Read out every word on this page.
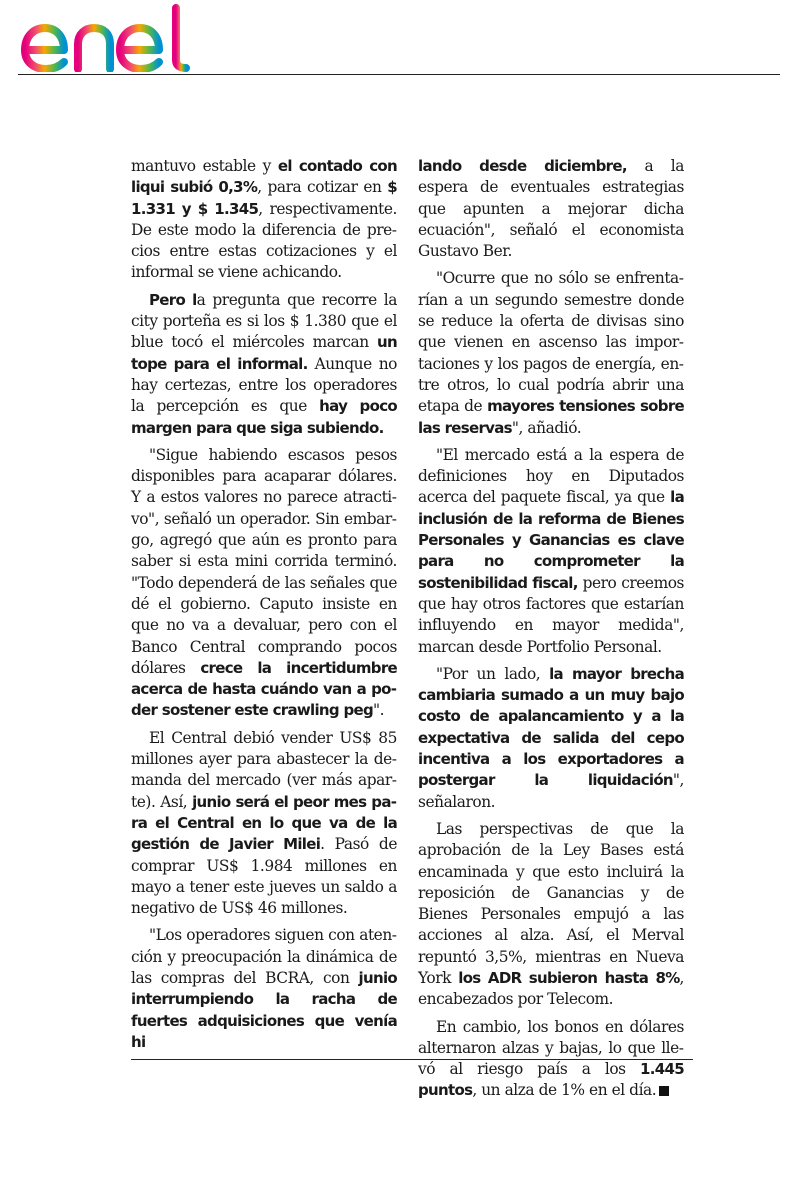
mantuvo estable y el contado con liqui subió 0,3%, para cotizar en $ 1.331 y $ 1.345, respectivamente. De este modo la diferencia de precios entre estas cotizaciones y el informal se viene achicando.

Pero la pregunta que recorre la city porteña es si los $ 1.380 que el blue tocó el miércoles marcan un tope para el informal. Aunque no hay certezas, entre los operadores la percepción es que hay poco margen para que siga subiendo.

"Sigue habiendo escasos pesos disponibles para acaparar dólares. Y a estos valores no parece atractivo", señaló un operador. Sin embargo, agregó que aún es pronto para saber si esta mini corrida terminó. "Todo dependerá de las señales que dé el gobierno. Caputo insiste en que no va a devaluar, pero con el Banco Central comprando pocos dólares crece la incertidumbre acerca de hasta cuándo van a poder sostener este crawling peg".

El Central debió vender US$ 85 millones ayer para abastecer la demanda del mercado (ver más aparte). Así, junio será el peor mes para el Central en lo que va de la gestión de Javier Milei. Pasó de comprar US$ 1.984 millones en mayo a tener este jueves un saldo a negativo de US$ 46 millones.

"Los operadores siguen con atención y preocupación la dinámica de las compras del BCRA, con junio interrumpiendo la racha de fuertes adquisiciones que venía hi

lando desde diciembre, a la espera de eventuales estrategias que apunten a mejorar dicha ecuación", señaló el economista Gustavo Ber.

"Ocurre que no sólo se enfrentarían a un segundo semestre donde se reduce la oferta de divisas sino que vienen en ascenso las importaciones y los pagos de energía, entre otros, lo cual podría abrir una etapa de mayores tensiones sobre las reservas", añadió.

"El mercado está a la espera de definiciones hoy en Diputados acerca del paquete fiscal, ya que la inclusión de la reforma de Bienes Personales y Ganancias es clave para no comprometer la sostenibilidad fiscal, pero creemos que hay otros factores que estarían influyendo en mayor medida", marcan desde Portfolio Personal.

"Por un lado, la mayor brecha cambiaria sumado a un muy bajo costo de apalancamiento y a la expectativa de salida del cepo incentiva a los exportadores a postergar la liquidación", señalaron.

Las perspectivas de que la aprobación de la Ley Bases está encaminada y que esto incluirá la reposición de Ganancias y de Bienes Personales empujó a las acciones al alza. Así, el Merval repuntó 3,5%, mientras en Nueva York los ADR subieron hasta 8%, encabezados por Telecom.

En cambio, los bonos en dólares alternaron alzas y bajas, lo que llevó al riesgo país a los 1.445 puntos, un alza de 1% en el día.
